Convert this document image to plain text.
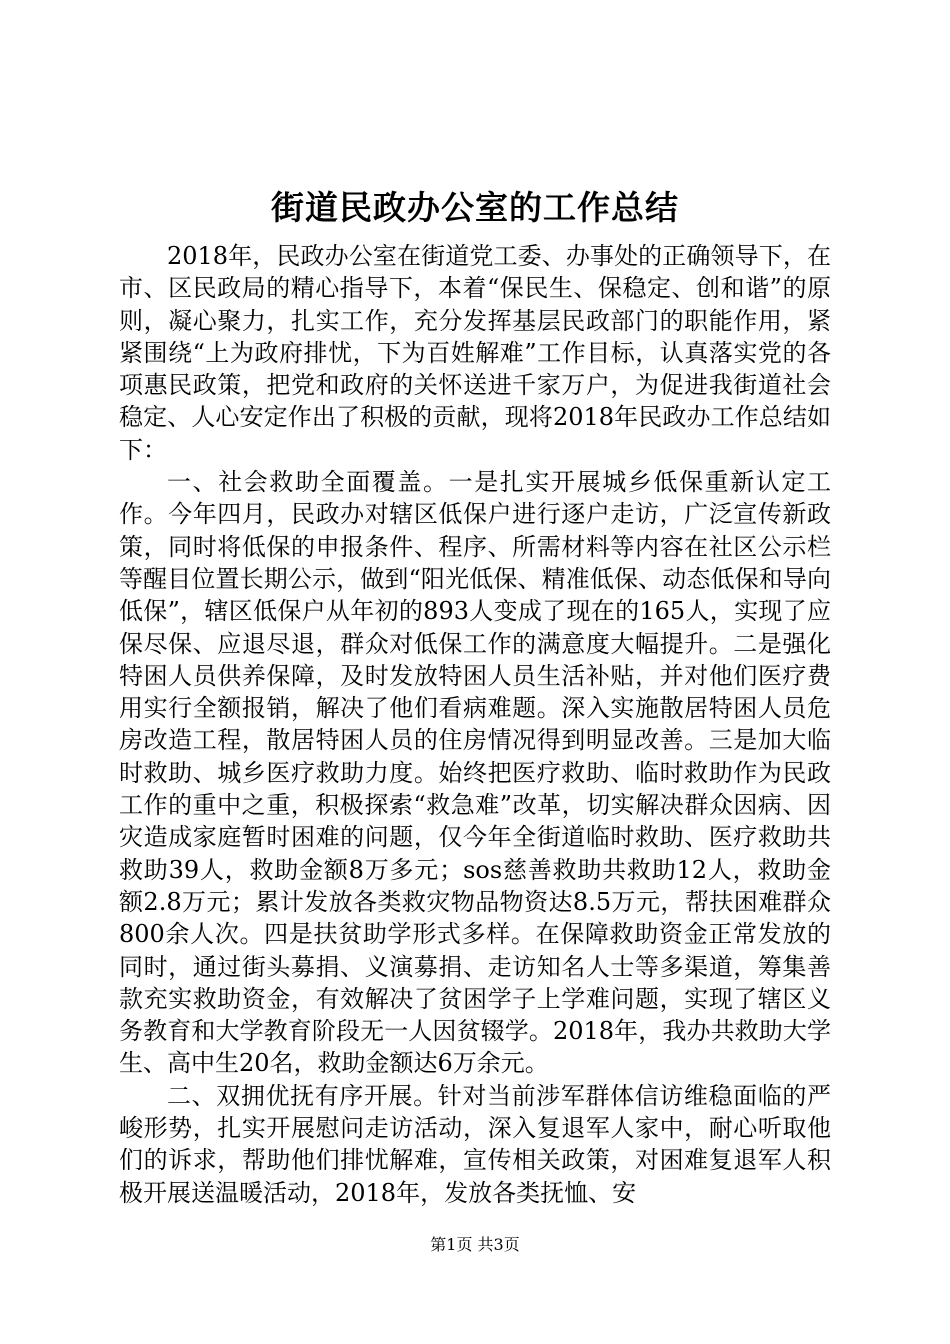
街道民政办公室的工作总结

2018年，民政办公室在街道党工委、办事处的正确领导下，在市、区民政局的精心指导下，本着“保民生、保稳定、创和谐”的原则，凝心聚力，扎实工作，充分发挥基层民政部门的职能作用，紧紧围绕“上为政府排忧，下为百姓解难”工作目标，认真落实党的各项惠民政策，把党和政府的关怀送进千家万户，为促进我街道社会稳定、人心安定作出了积极的贡献，现将2018年民政办工作总结如下：

一、社会救助全面覆盖。一是扎实开展城乡低保重新认定工作。今年四月，民政办对辖区低保户进行逐户走访，广泛宣传新政策，同时将低保的申报条件、程序、所需材料等内容在社区公示栏等醒目位置长期公示，做到“阳光低保、精准低保、动态低保和导向低保”，辖区低保户从年初的893人变成了现在的165人，实现了应保尽保、应退尽退，群众对低保工作的满意度大幅提升。二是强化特困人员供养保障，及时发放特困人员生活补贴，并对他们医疗费用实行全额报销，解决了他们看病难题。深入实施散居特困人员危房改造工程，散居特困人员的住房情况得到明显改善。三是加大临时救助、城乡医疗救助力度。始终把医疗救助、临时救助作为民政工作的重中之重，积极探索“救急难”改革，切实解决群众因病、因灾造成家庭暂时困难的问题，仅今年全街道临时救助、医疗救助共救助39人，救助金额8万多元；sos慈善救助共救助12人，救助金额2.8万元；累计发放各类救灾物品物资达8.5万元，帮扶困难群众800余人次。四是扶贫助学形式多样。在保障救助资金正常发放的同时，通过街头募捐、义演募捐、走访知名人士等多渠道，筹集善款充实救助资金，有效解决了贫困学子上学难问题，实现了辖区义务教育和大学教育阶段无一人因贫辍学。2018年，我办共救助大学生、高中生20名，救助金额达6万余元。

二、双拥优抚有序开展。针对当前涉军群体信访维稳面临的严峻形势，扎实开展慰问走访活动，深入复退军人家中，耐心听取他们的诉求，帮助他们排忧解难，宣传相关政策，对困难复退军人积极开展送温暖活动，2018年，发放各类抚恤、安

第1页 共3页
